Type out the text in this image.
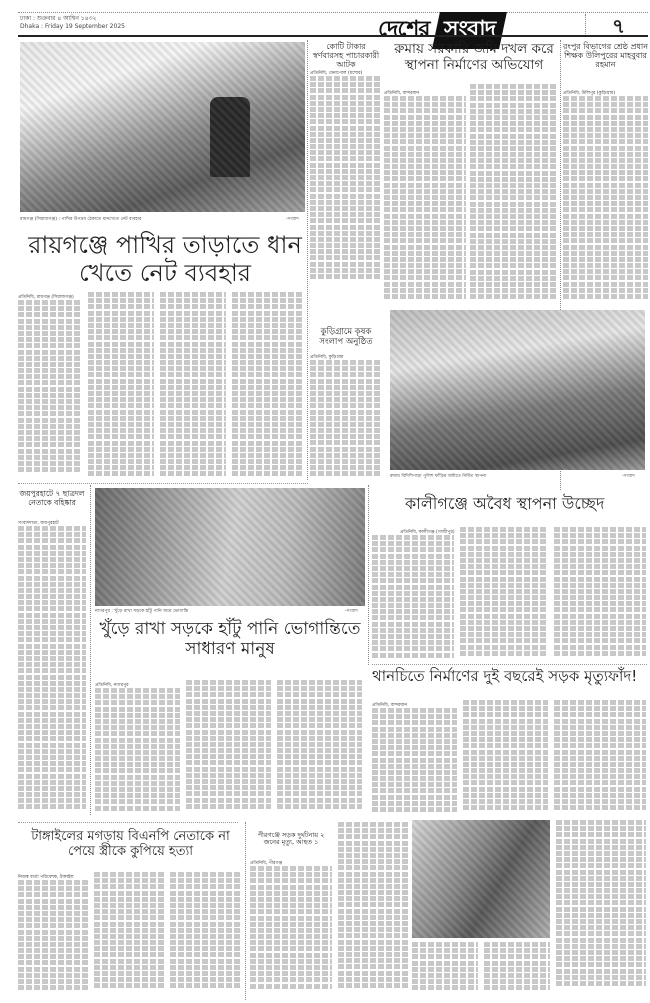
ঢাকা : শুক্রবার ৪ আশ্বিন ১৪৩২
Dhaka : Friday 19 September 2025	দেশের সংবাদ	৭
রায়গঞ্জ (সিরাজগঞ্জ) : পাখির উপদ্রব ঠেকাতে ধানখেতে নেট ব্যবহার	-সংবাদ
রায়গঞ্জে পাখির তাড়াতে ধান খেতে নেট ব্যবহার
প্রতিনিধি, রায়গঞ্জ (সিরাজগঞ্জ)
কোটি টাকার স্বর্ণবারসহ পাচারকারী আটক
প্রতিনিধি, বেনাপোল (যশোর)
রুমায় সরকারি জমি দখল করে স্থাপনা নির্মাণের অভিযোগ
প্রতিনিধি, বান্দরবান
রংপুর বিভাগের শ্রেষ্ঠ প্রধান শিক্ষক উলিপুরের মাহবুবার রহমান
প্রতিনিধি, উলিপুর (কুড়িগ্রাম)
কুড়িগ্রামে কৃষক সংলাপ অনুষ্ঠিত
প্রতিনিধি, কুড়িগ্রাম
রুমায় বিদিশিপাড়া পুলিশ ফাঁড়ির জমিতে নির্মিত স্থাপনা	-সংবাদ
জয়পুরহাটে ৭ ছাত্রদল নেতাকে বহিষ্কার
সংবাদদাতা, জয়পুরহাট
নাগরপুর : খুঁড়ে রাখা সড়কে হাঁটু পানি জমে ভোগান্তি	-সংবাদ
খুঁড়ে রাখা সড়কে হাঁটু পানি ভোগান্তিতে সাধারণ মানুষ
প্রতিনিধি, নাগরপুর
কালীগঞ্জে অবৈধ স্থাপনা উচ্ছেদ
প্রতিনিধি, কালীগঞ্জ (গাজীপুর)
থানচিতে নির্মাণের দুই বছরেই সড়ক মৃত্যুফাঁদ!
প্রতিনিধি, বান্দরবান
টাঙ্গাইলের মগড়ায় বিএনপি নেতাকে না পেয়ে স্ত্রীকে কুপিয়ে হত্যা
নিজস্ব বার্তা পরিবেশক, টাঙ্গাইল
পীরগঞ্জে সড়ক দুর্ঘটনায় ২ জনের মৃত্যু, আহত ১
প্রতিনিধি, পীরগঞ্জ
